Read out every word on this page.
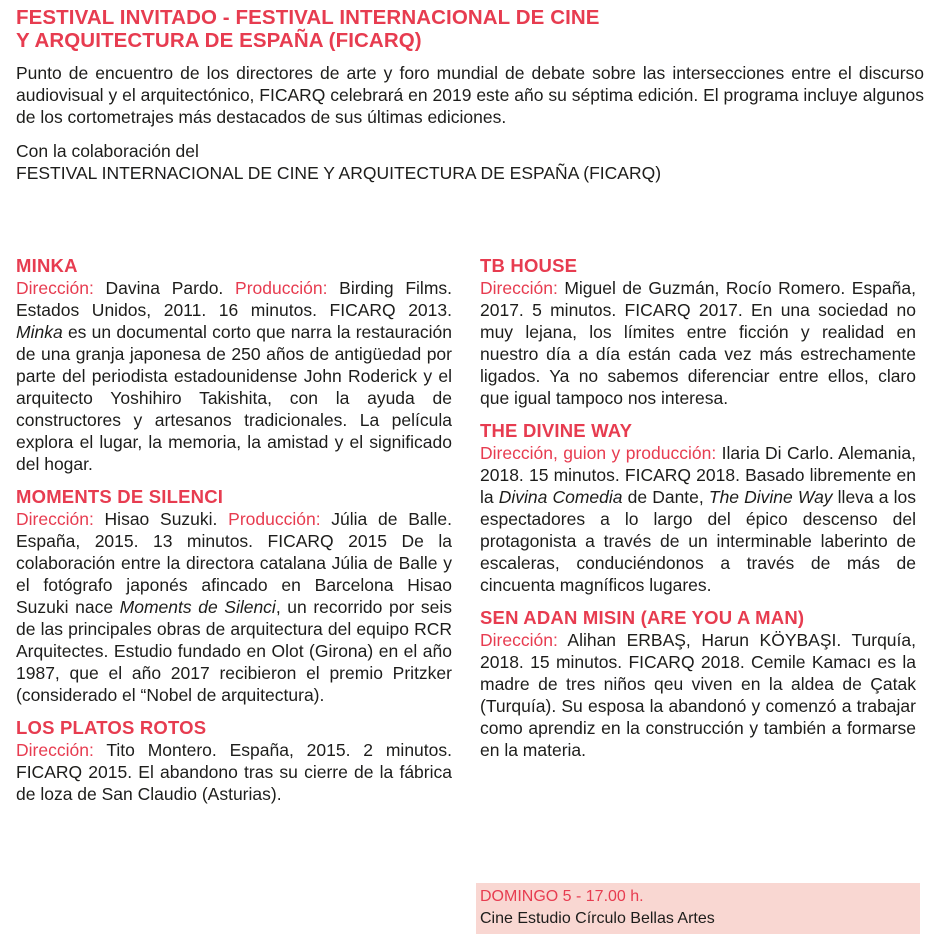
FESTIVAL INVITADO - FESTIVAL INTERNACIONAL DE CINE
Y ARQUITECTURA DE ESPAÑA (FICARQ)

Punto de encuentro de los directores de arte y foro mundial de debate sobre las intersecciones entre el discurso audiovisual y el arquitectónico, FICARQ celebrará en 2019 este año su séptima edición. El programa incluye algunos de los cortometrajes más destacados de sus últimas ediciones.

Con la colaboración del
FESTIVAL INTERNACIONAL DE CINE Y ARQUITECTURA DE ESPAÑA (FICARQ)

MINKA

Dirección: Davina Pardo. Producción: Birding Films. Estados Unidos, 2011. 16 minutos. FICARQ 2013. Minka es un documental corto que narra la restauración de una granja japonesa de 250 años de antigüedad por parte del periodista estadounidense John Roderick y el arquitecto Yoshihiro Takishita, con la ayuda de constructores y artesanos tradicionales. La película explora el lugar, la memoria, la amistad y el significado del hogar.

MOMENTS DE SILENCI

Dirección: Hisao Suzuki. Producción: Júlia de Balle. España, 2015. 13 minutos. FICARQ 2015 De la colaboración entre la directora catalana Júlia de Balle y el fotógrafo japonés afincado en Barcelona Hisao Suzuki nace Moments de Silenci, un recorrido por seis de las principales obras de arquitectura del equipo RCR Arquitectes. Estudio fundado en Olot (Girona) en el año 1987, que el año 2017 recibieron el premio Pritzker (considerado el “Nobel de arquitectura).

LOS PLATOS ROTOS

Dirección: Tito Montero. España, 2015. 2 minutos. FICARQ 2015. El abandono tras su cierre de la fábrica de loza de San Claudio (Asturias).

TB HOUSE

Dirección: Miguel de Guzmán, Rocío Romero. España, 2017. 5 minutos. FICARQ 2017. En una sociedad no muy lejana, los límites entre ficción y realidad en nuestro día a día están cada vez más estrechamente ligados. Ya no sabemos diferenciar entre ellos, claro que igual tampoco nos interesa.

THE DIVINE WAY

Dirección, guion y producción: Ilaria Di Carlo. Alemania, 2018. 15 minutos. FICARQ 2018. Basado libremente en la Divina Comedia de Dante, The Divine Way lleva a los espectadores a lo largo del épico descenso del protagonista a través de un interminable laberinto de escaleras, conduciéndonos a través de más de cincuenta magníficos lugares.

SEN ADAN MISIN (ARE YOU A MAN)

Dirección: Alihan ERBAŞ, Harun KÖYBAŞI. Turquía, 2018. 15 minutos. FICARQ 2018. Cemile Kamacı es la madre de tres niños qeu viven en la aldea de Çatak (Turquía). Su esposa la abandonó y comenzó a trabajar como aprendiz en la construcción y también a formarse en la materia.

DOMINGO 5 - 17.00 h.
Cine Estudio Círculo Bellas Artes
